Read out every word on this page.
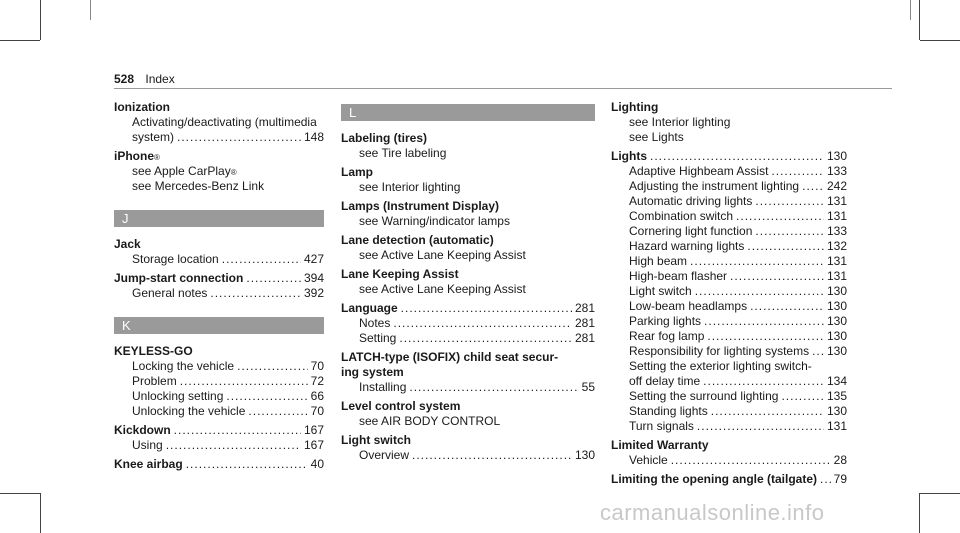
528 Index
Ionization
Activating/deactivating (multimedia
system) .....	148
iPhone ®
see Apple CarPlay ®
see Mercedes-Benz Link
J
Jack
Storage location .....	427
Jump-start connection .....	394
General notes .....	392
K
KEYLESS-GO
Locking the vehicle .....	70
Problem .....	72
Unlocking setting .....	66
Unlocking the vehicle .....	70
Kickdown .....	167
Using .....	167
Knee airbag .....	40
L
Labeling (tires)
see Tire labeling
Lamp
see Interior lighting
Lamps (Instrument Display)
see Warning/indicator lamps
Lane detection (automatic)
see Active Lane Keeping Assist
Lane Keeping Assist
see Active Lane Keeping Assist
Language .....	281
Notes .....	281
Setting .....	281
LATCH-type (ISOFIX) child seat secur-
ing system
Installing .....	55
Level control system
see AIR BODY CONTROL
Light switch
Overview .....	130
Lighting
see Interior lighting
see Lights
Lights .....	130
Adaptive Highbeam Assist .....	133
Adjusting the instrument lighting ..... 242
Automatic driving lights .....	131
Combination switch .....	131
Cornering light function .....	133
Hazard warning lights .....	132
High beam .....	131
High-beam flasher .....	131
Light switch .....	130
Low-beam headlamps .....	130
Parking lights .....	130
Rear fog lamp .....	130
Responsibility for lighting systems ..... 130
Setting the exterior lighting switch-
off delay time .....	134
Setting the surround lighting .....	135
Standing lights .....	130
Turn signals .....	131
Limited Warranty
Vehicle .....	28
Limiting the opening angle (tailgate) ..... 79
carmanualsonline.info
